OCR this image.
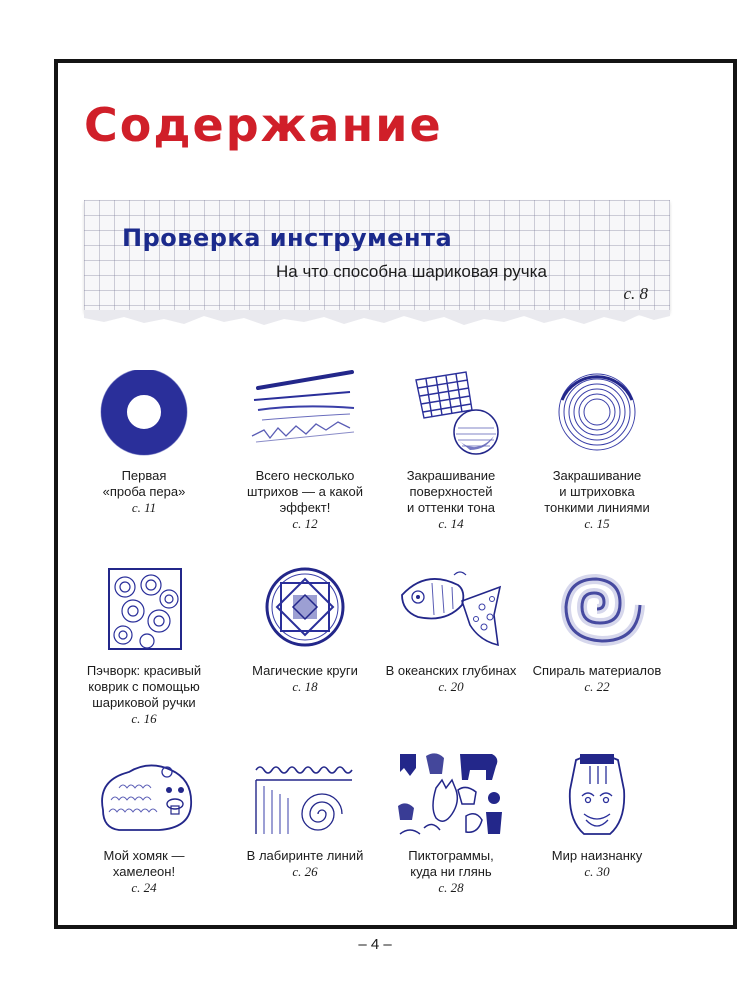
Содержание
Проверка инструмента
На что способна шариковая ручка
с. 8
Первая
«проба пера»
с. 11
Всего несколько
штрихов — а какой
эффект!
с. 12
Закрашивание
поверхностей
и оттенки тона
с. 14
Закрашивание
и штриховка
тонкими линиями
с. 15
Пэчворк: красивый
коврик с помощью
шариковой ручки
с. 16
Магические круги
с. 18
В океанских глубинах
с. 20
Спираль материалов
с. 22
Мой хомяк —
хамелеон!
с. 24
В лабиринте линий
с. 26
Пиктограммы,
куда ни глянь
с. 28
Мир наизнанку
с. 30
– 4 –
